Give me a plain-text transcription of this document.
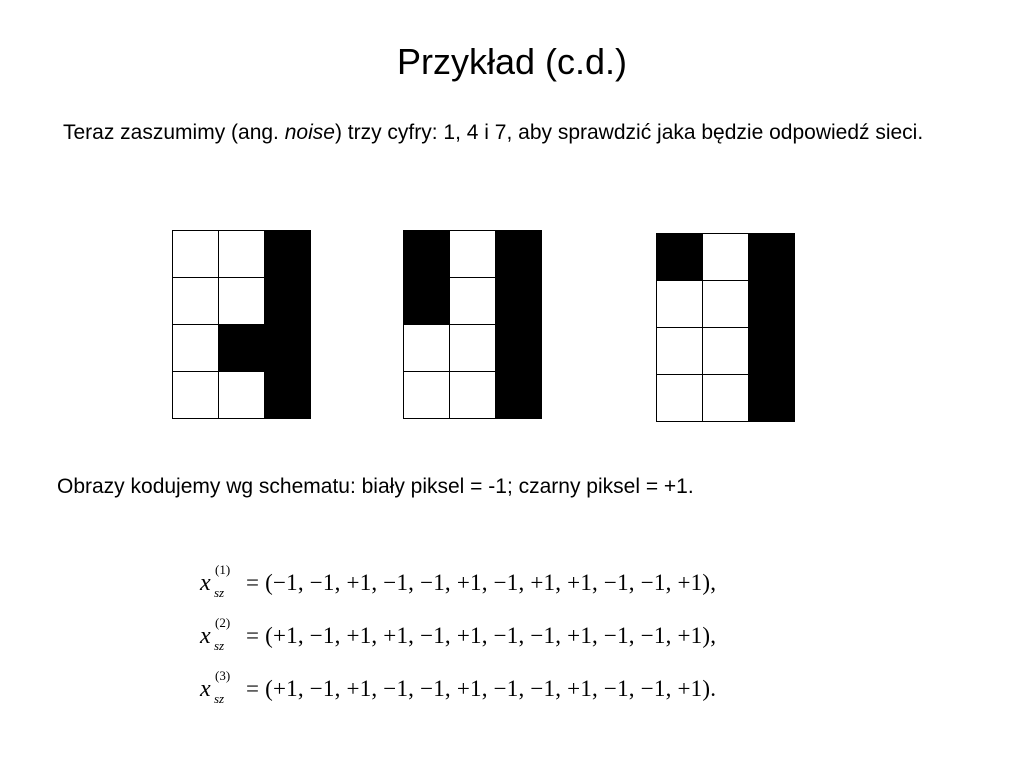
Przykład (c.d.)
Teraz zaszumimy (ang. noise) trzy cyfry: 1, 4 i 7, aby sprawdzić jaka będzie odpowiedź sieci.
Obrazy kodujemy wg schematu: biały piksel = -1; czarny piksel = +1.
x
(1)
sz = (−1, −1, +1, −1, −1, +1, −1, +1, +1, −1, −1, +1),
x
(2)
sz = (+1, −1, +1, +1, −1, +1, −1, −1, +1, −1, −1, +1),
x
(3)
sz = (+1, −1, +1, −1, −1, +1, −1, −1, +1, −1, −1, +1).
